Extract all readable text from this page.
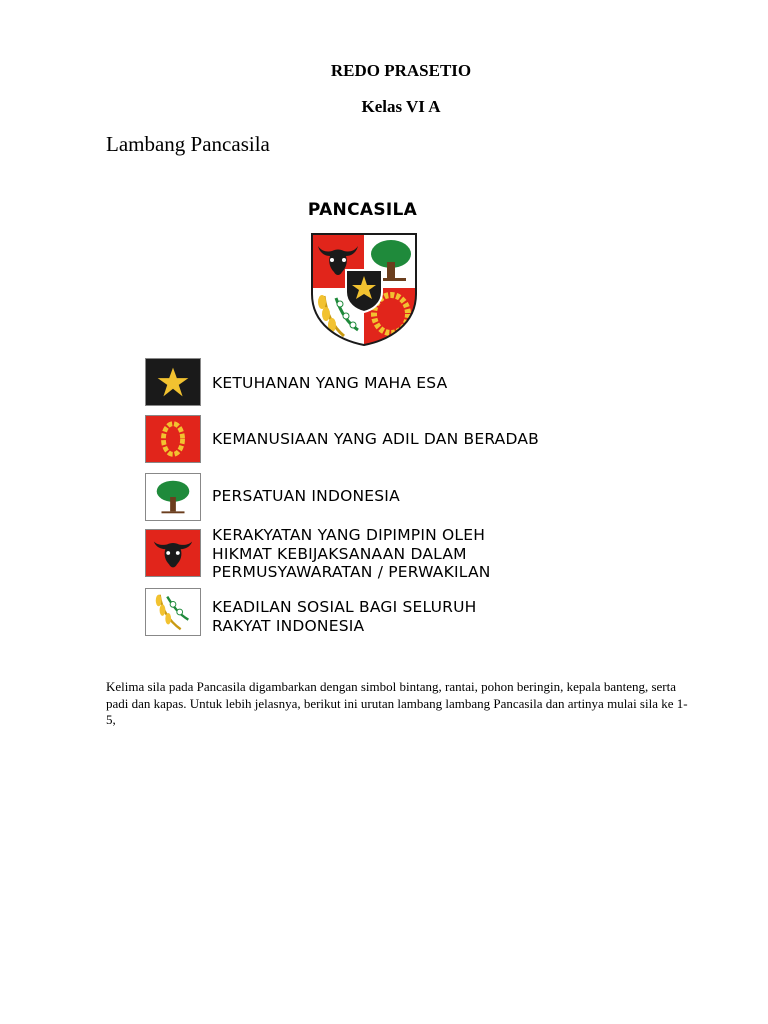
REDO PRASETIO
Kelas VI A
Lambang Pancasila
PANCASILA
KETUHANAN YANG MAHA ESA
KEMANUSIAAN YANG ADIL DAN BERADAB
PERSATUAN INDONESIA
KERAKYATAN YANG DIPIMPIN OLEH
HIKMAT KEBIJAKSANAAN DALAM
PERMUSYAWARATAN / PERWAKILAN
KEADILAN SOSIAL BAGI SELURUH
RAKYAT INDONESIA
Kelima sila pada Pancasila digambarkan dengan simbol bintang, rantai, pohon beringin, kepala banteng, serta padi dan kapas. Untuk lebih jelasnya, berikut ini urutan lambang lambang Pancasila dan artinya mulai sila ke 1-5,
